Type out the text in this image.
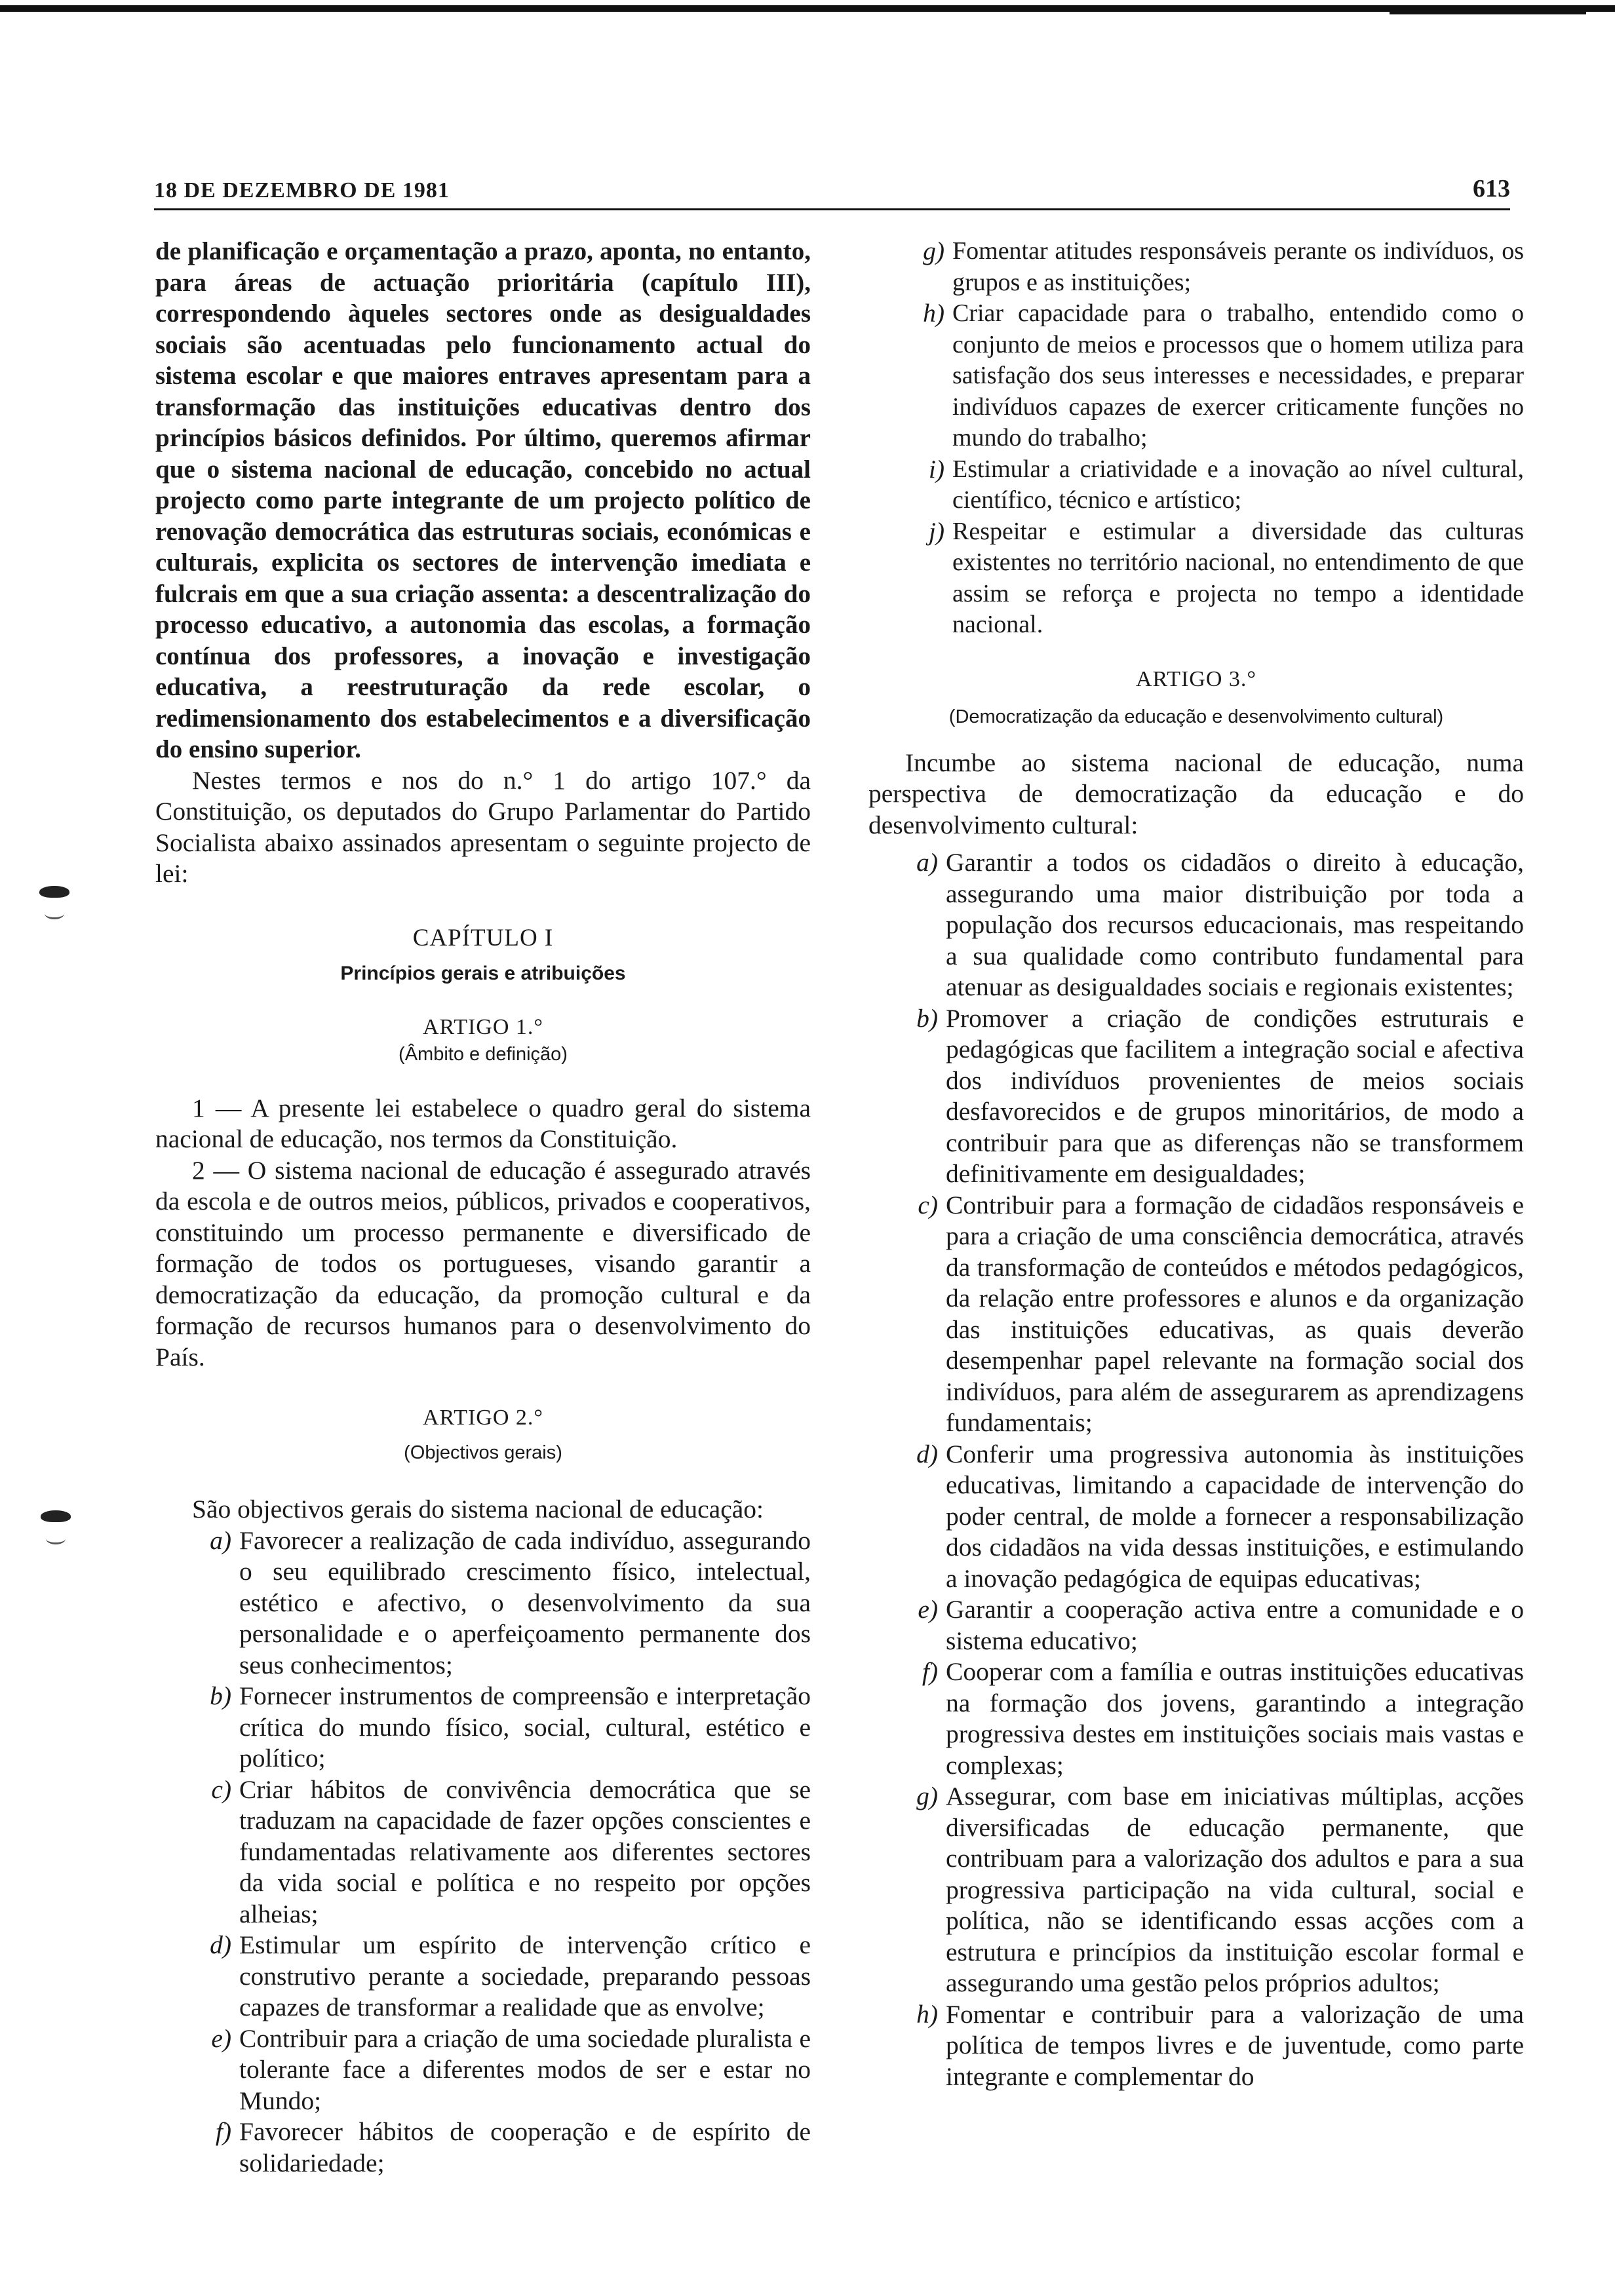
18 DE DEZEMBRO DE 1981	613

de planificação e orçamentação a prazo, aponta, no entanto, para áreas de actuação prioritária (capítulo III), correspondendo àqueles sectores onde as desigualdades sociais são acentuadas pelo funcionamento actual do sistema escolar e que maiores entraves apresentam para a transformação das instituições educativas dentro dos princípios básicos definidos. Por último, queremos afirmar que o sistema nacional de educação, concebido no actual projecto como parte integrante de um projecto político de renovação democrática das estruturas sociais, económicas e culturais, explicita os sectores de intervenção imediata e fulcrais em que a sua criação assenta: a descentralização do processo educativo, a autonomia das escolas, a formação contínua dos professores, a inovação e investigação educativa, a reestruturação da rede escolar, o redimensionamento dos estabelecimentos e a diversificação do ensino superior.

Nestes termos e nos do n.° 1 do artigo 107.° da Constituição, os deputados do Grupo Parlamentar do Partido Socialista abaixo assinados apresentam o seguinte projecto de lei:

CAPÍTULO I
Princípios gerais e atribuições
ARTIGO 1.°
(Âmbito e definição)

1 — A presente lei estabelece o quadro geral do sistema nacional de educação, nos termos da Constituição.

2 — O sistema nacional de educação é assegurado através da escola e de outros meios, públicos, privados e cooperativos, constituindo um processo permanente e diversificado de formação de todos os portugueses, visando garantir a democratização da educação, da promoção cultural e da formação de recursos humanos para o desenvolvimento do País.

ARTIGO 2.°
(Objectivos gerais)

São objectivos gerais do sistema nacional de educação:

a) Favorecer a realização de cada indivíduo, assegurando o seu equilibrado crescimento físico, intelectual, estético e afectivo, o desenvolvimento da sua personalidade e o aperfeiçoamento permanente dos seus conhecimentos;
b) Fornecer instrumentos de compreensão e interpretação crítica do mundo físico, social, cultural, estético e político;
c) Criar hábitos de convivência democrática que se traduzam na capacidade de fazer opções conscientes e fundamentadas relativamente aos diferentes sectores da vida social e política e no respeito por opções alheias;
d) Estimular um espírito de intervenção crítico e construtivo perante a sociedade, preparando pessoas capazes de transformar a realidade que as envolve;
e) Contribuir para a criação de uma sociedade pluralista e tolerante face a diferentes modos de ser e estar no Mundo;
f) Favorecer hábitos de cooperação e de espírito de solidariedade;
g) Fomentar atitudes responsáveis perante os indivíduos, os grupos e as instituições;
h) Criar capacidade para o trabalho, entendido como o conjunto de meios e processos que o homem utiliza para satisfação dos seus interesses e necessidades, e preparar indivíduos capazes de exercer criticamente funções no mundo do trabalho;
i) Estimular a criatividade e a inovação ao nível cultural, científico, técnico e artístico;
j) Respeitar e estimular a diversidade das culturas existentes no território nacional, no entendimento de que assim se reforça e projecta no tempo a identidade nacional.
ARTIGO 3.°
(Democratização da educação e desenvolvimento cultural)

Incumbe ao sistema nacional de educação, numa perspectiva de democratização da educação e do desenvolvimento cultural:

a) Garantir a todos os cidadãos o direito à educação, assegurando uma maior distribuição por toda a população dos recursos educacionais, mas respeitando a sua qualidade como contributo fundamental para atenuar as desigualdades sociais e regionais existentes;
b) Promover a criação de condições estruturais e pedagógicas que facilitem a integração social e afectiva dos indivíduos provenientes de meios sociais desfavorecidos e de grupos minoritários, de modo a contribuir para que as diferenças não se transformem definitivamente em desigualdades;
c) Contribuir para a formação de cidadãos responsáveis e para a criação de uma consciência democrática, através da transformação de conteúdos e métodos pedagógicos, da relação entre professores e alunos e da organização das instituições educativas, as quais deverão desempenhar papel relevante na formação social dos indivíduos, para além de assegurarem as aprendizagens fundamentais;
d) Conferir uma progressiva autonomia às instituições educativas, limitando a capacidade de intervenção do poder central, de molde a fornecer a responsabilização dos cidadãos na vida dessas instituições, e estimulando a inovação pedagógica de equipas educativas;
e) Garantir a cooperação activa entre a comunidade e o sistema educativo;
f) Cooperar com a família e outras instituições educativas na formação dos jovens, garantindo a integração progressiva destes em instituições sociais mais vastas e complexas;
g) Assegurar, com base em iniciativas múltiplas, acções diversificadas de educação permanente, que contribuam para a valorização dos adultos e para a sua progressiva participação na vida cultural, social e política, não se identificando essas acções com a estrutura e princípios da instituição escolar formal e assegurando uma gestão pelos próprios adultos;
h) Fomentar e contribuir para a valorização de uma política de tempos livres e de juventude, como parte integrante e complementar do
